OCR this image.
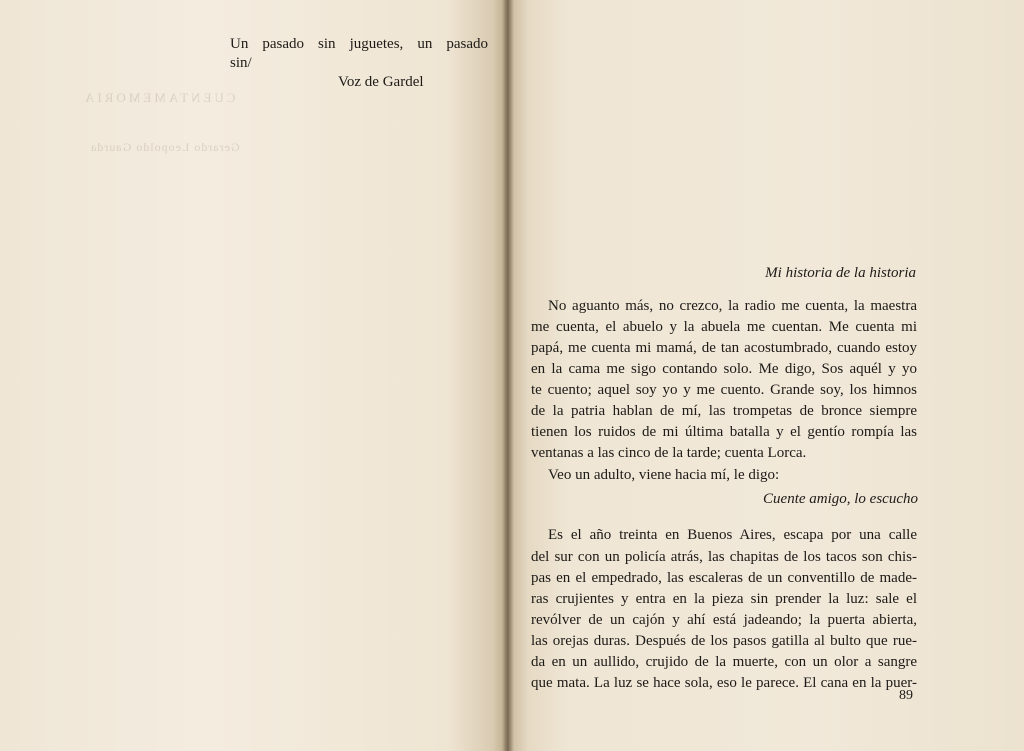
CUENTAMEMORIA
Gerardo Leopoldo Gaurda
Un pasado sin juguetes, un pasado
sin/
Voz de Gardel
Mi historia de la historia
No aguanto más, no crezco, la radio me cuenta, la maestra
me cuenta, el abuelo y la abuela me cuentan. Me cuenta mi
papá, me cuenta mi mamá, de tan acostumbrado, cuando estoy
en la cama me sigo contando solo. Me digo, Sos aquél y yo
te cuento; aquel soy yo y me cuento. Grande soy, los himnos
de la patria hablan de mí, las trompetas de bronce siempre
tienen los ruidos de mi última batalla y el gentío rompía las
ventanas a las cinco de la tarde; cuenta Lorca.
Veo un adulto, viene hacia mí, le digo:
Cuente amigo, lo escucho
Es el año treinta en Buenos Aires, escapa por una calle
del sur con un policía atrás, las chapitas de los tacos son chis-
pas en el empedrado, las escaleras de un conventillo de made-
ras crujientes y entra en la pieza sin prender la luz: sale el
revólver de un cajón y ahí está jadeando; la puerta abierta,
las orejas duras. Después de los pasos gatilla al bulto que rue-
da en un aullido, crujido de la muerte, con un olor a sangre
que mata. La luz se hace sola, eso le parece. El cana en la puer-
89
